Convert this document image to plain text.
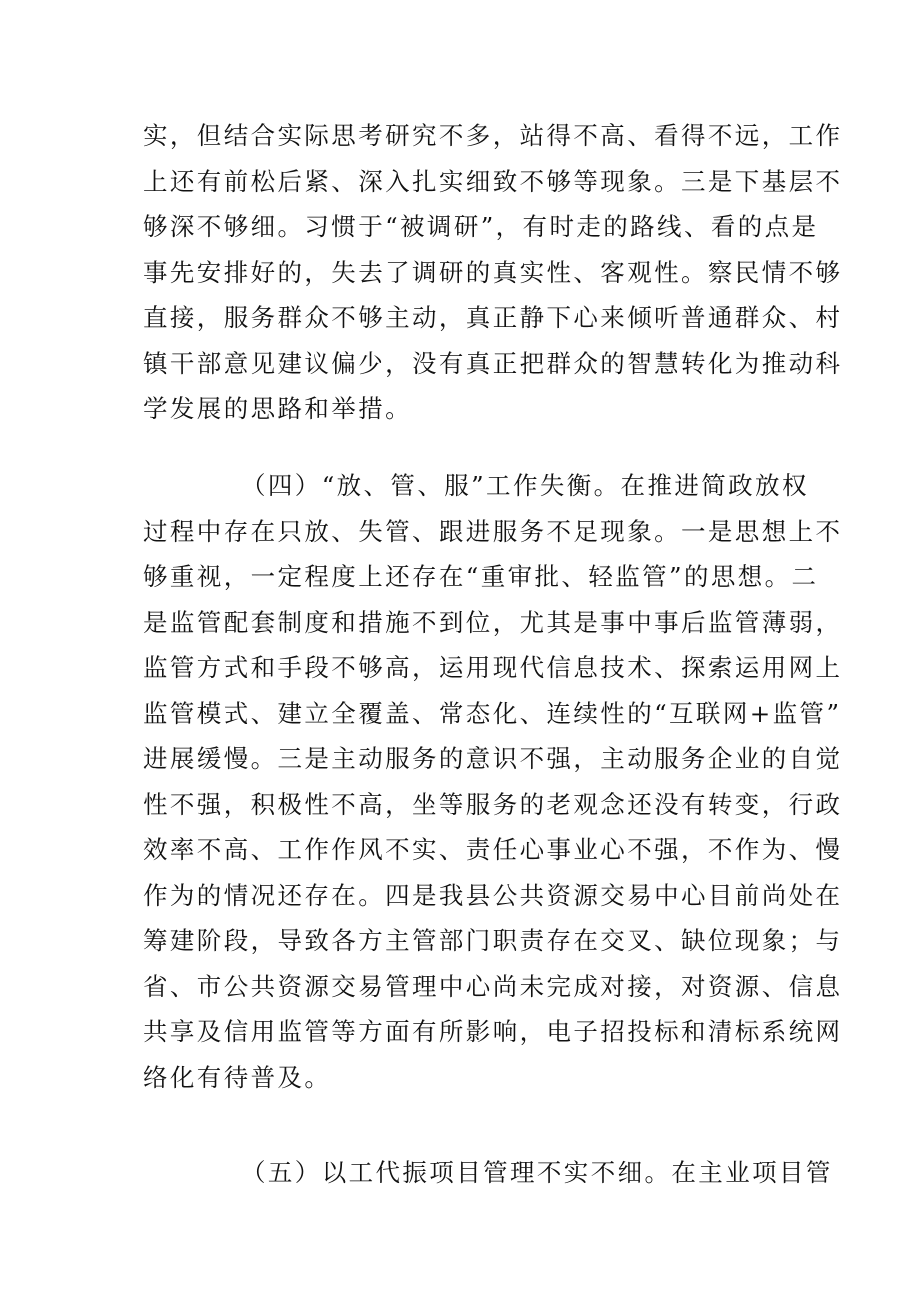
实，但结合实际思考研究不多，站得不高、看得不远，工作
上还有前松后紧、深入扎实细致不够等现象。三是下基层不
够深不够细。习惯于“被调研”，有时走的路线、看的点是
事先安排好的，失去了调研的真实性、客观性。察民情不够
直接，服务群众不够主动，真正静下心来倾听普通群众、村
镇干部意见建议偏少，没有真正把群众的智慧转化为推动科
学发展的思路和举措。
（四）“放、管、服”工作失衡。在推进简政放权
过程中存在只放、失管、跟进服务不足现象。一是思想上不
够重视，一定程度上还存在“重审批、轻监管”的思想。二
是监管配套制度和措施不到位，尤其是事中事后监管薄弱，
监管方式和手段不够高，运用现代信息技术、探索运用网上
监管模式、建立全覆盖、常态化、连续性的“互联网+监管”
进展缓慢。三是主动服务的意识不强，主动服务企业的自觉
性不强，积极性不高，坐等服务的老观念还没有转变，行政
效率不高、工作作风不实、责任心事业心不强，不作为、慢
作为的情况还存在。四是我县公共资源交易中心目前尚处在
筹建阶段，导致各方主管部门职责存在交叉、缺位现象；与
省、市公共资源交易管理中心尚未完成对接，对资源、信息
共享及信用监管等方面有所影响，电子招投标和清标系统网
络化有待普及。
（五）以工代振项目管理不实不细。在主业项目管
